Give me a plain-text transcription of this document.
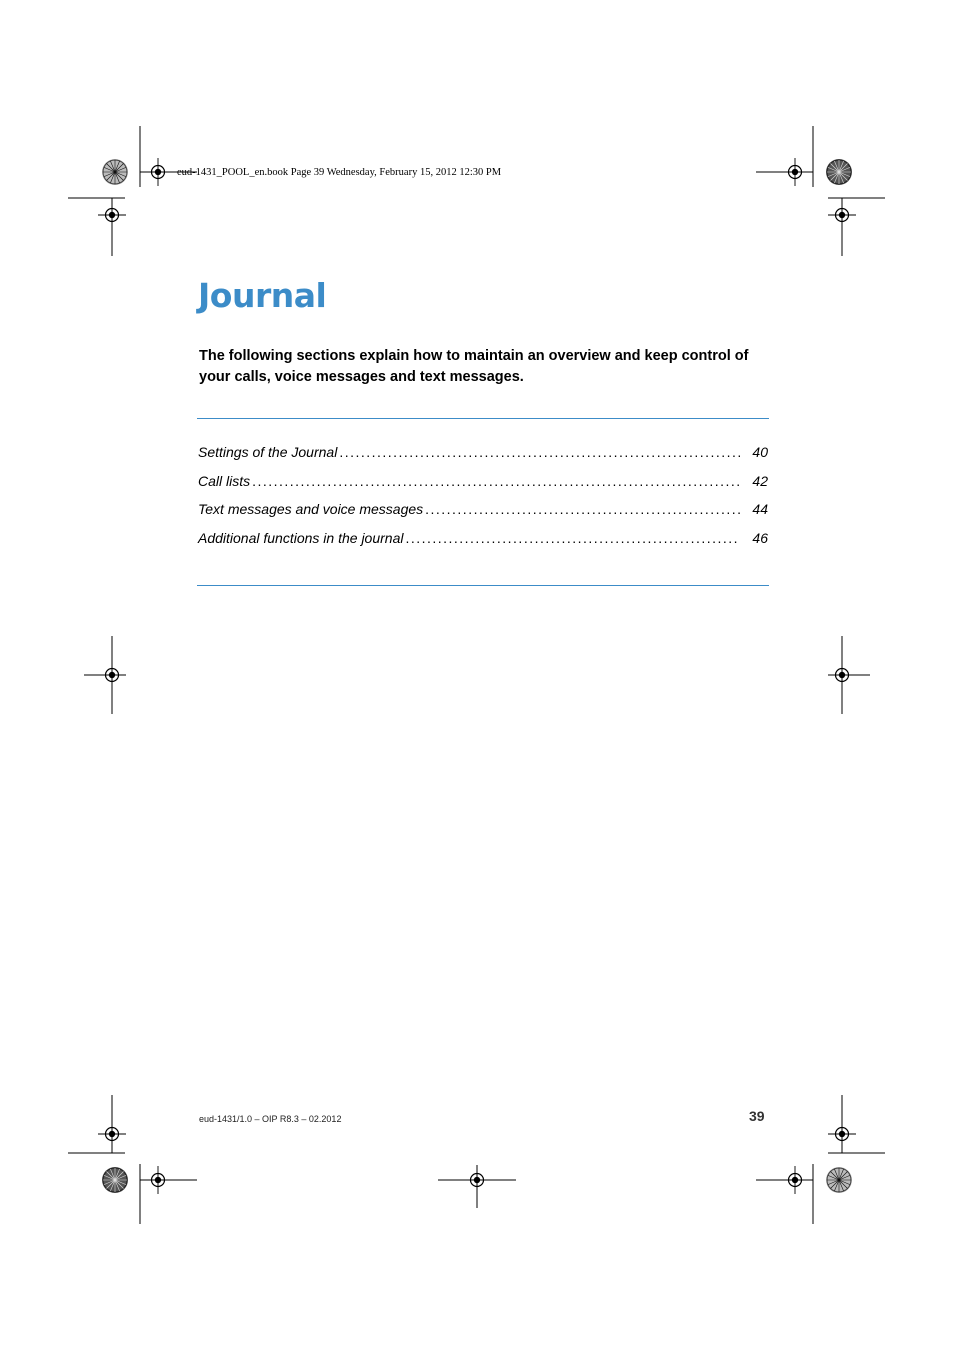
eud-1431_POOL_en.book Page 39 Wednesday, February 15, 2012 12:30 PM
Journal

The following sections explain how to maintain an overview and keep control of your calls, voice messages and text messages.

Settings of the Journal . . .	40
Call lists . . .	42
Text messages and voice messages . . .	44
Additional functions in the journal . . .	46
eud-1431/1.0 – OIP R8.3 – 02.2012	39
